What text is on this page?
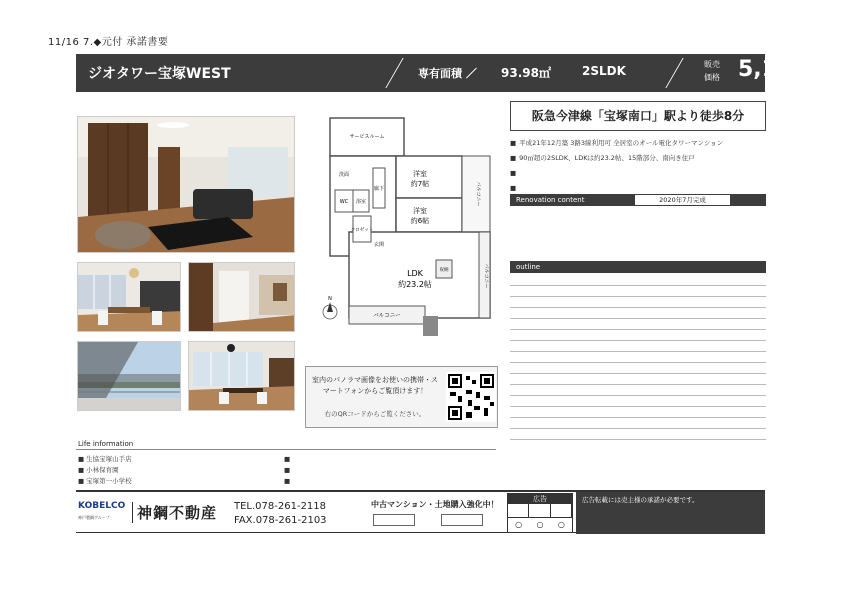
11/16 7.◆元付 承諾書要
ジオタワー宝塚WEST	専有面積 ／ 93.98㎡	2SLDK	販売
価格 5,180 (税込)
万円
洋室
約7帖
洋室
約6帖
LDK
約23.2帖
バルコニー
バルコニー
バルコニー
クロゼット
サービスルーム
玄関
廊下
WC 浴室
洗面
収納
N
阪急今津線「宝塚南口」駅より徒歩8分
■ 平成21年12月築 3路3線利用可 全居室のオール電化タワーマンション
■ 90㎡超の2SLDK、LDKは約23.2帖、15階部分、南向き住戸
■
■
Renovation content	2020年7月完成
outline

室内のパノラマ画像をお使いの携帯・スマートフォンからご覧頂けます！
右のQRコードからご覧ください。
Life information
■ 生協宝塚山手店
■ 小林保育園
■ 宝塚第一小学校
■
■
■
KOBELCO
神戸製鋼グループ	神鋼不動産 TEL.078-261-2118
FAX.078-261-2103
中古マンション・土地購入強化中！
広告
○ ○ ○
広告転載には売主様の承諾が必要です。
